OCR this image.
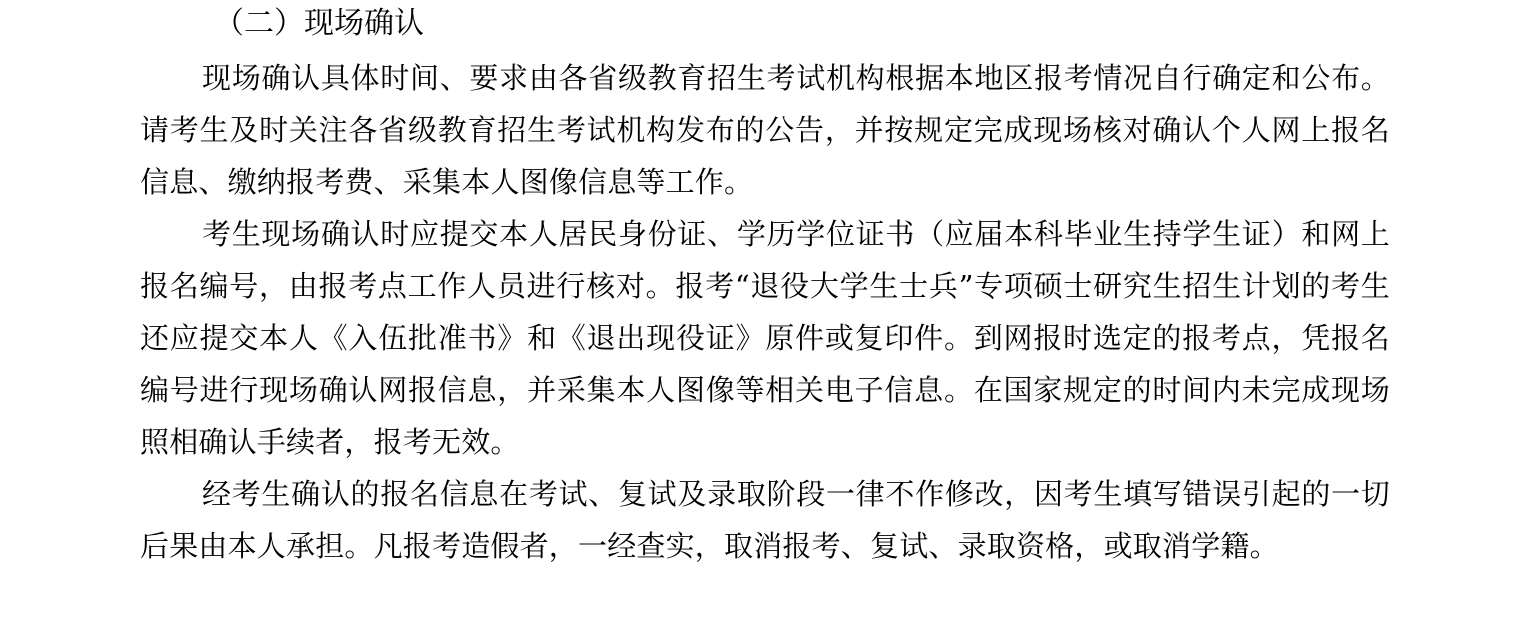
（二）现场确认

现场确认具体时间、要求由各省级教育招生考试机构根据本地区报考情况自行确定和公布。请考生及时关注各省级教育招生考试机构发布的公告，并按规定完成现场核对确认个人网上报名信息、缴纳报考费、采集本人图像信息等工作。

考生现场确认时应提交本人居民身份证、学历学位证书（应届本科毕业生持学生证）和网上报名编号，由报考点工作人员进行核对。报考“退役大学生士兵”专项硕士研究生招生计划的考生还应提交本人《入伍批准书》和《退出现役证》原件或复印件。到网报时选定的报考点，凭报名编号进行现场确认网报信息，并采集本人图像等相关电子信息。在国家规定的时间内未完成现场照相确认手续者，报考无效。

经考生确认的报名信息在考试、复试及录取阶段一律不作修改，因考生填写错误引起的一切后果由本人承担。凡报考造假者，一经查实，取消报考、复试、录取资格，或取消学籍。
